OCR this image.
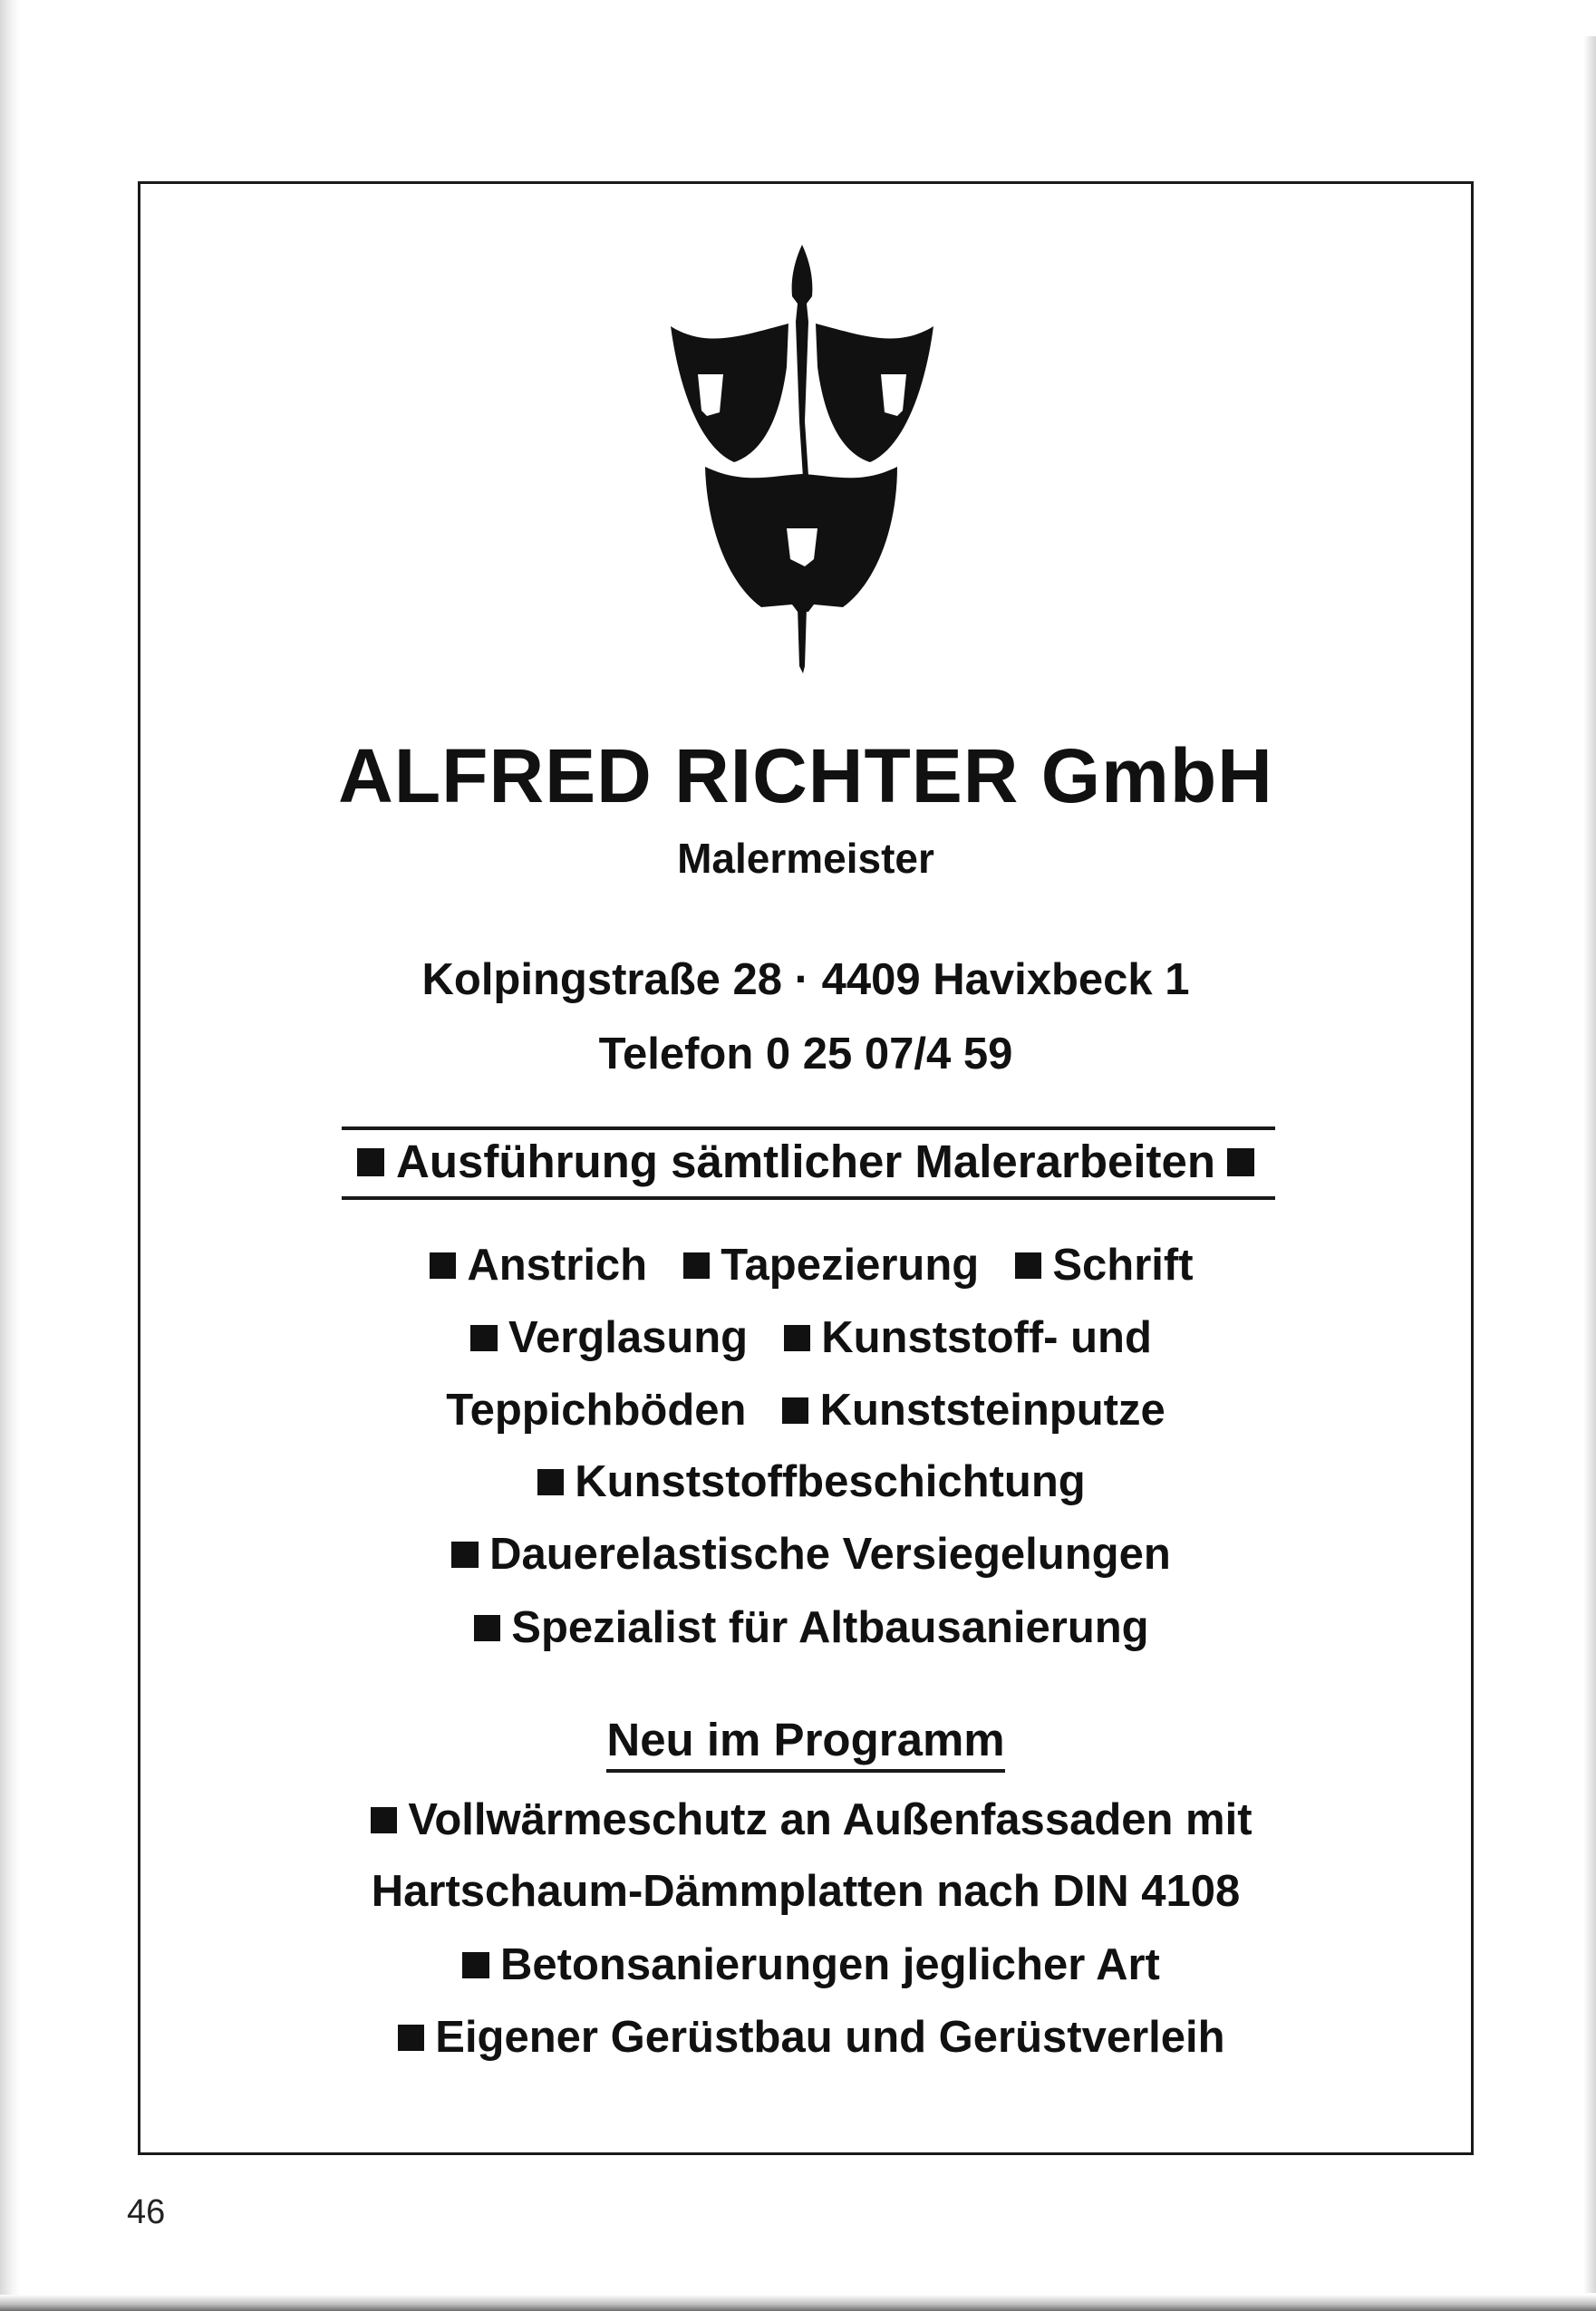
ALFRED RICHTER GmbH
Malermeister
Kolpingstraße 28 · 4409 Havixbeck 1
Telefon 0 25 07/4 59
Ausführung sämtlicher Malerarbeiten
Anstrich Tapezierung Schrift
Verglasung Kunststoff- und
Teppichböden Kunststeinputze
Kunststoffbeschichtung
Dauerelastische Versiegelungen
Spezialist für Altbausanierung
Neu im Programm
Vollwärmeschutz an Außenfassaden mit
Hartschaum-Dämmplatten nach DIN 4108
Betonsanierungen jeglicher Art
Eigener Gerüstbau und Gerüstverleih
46
